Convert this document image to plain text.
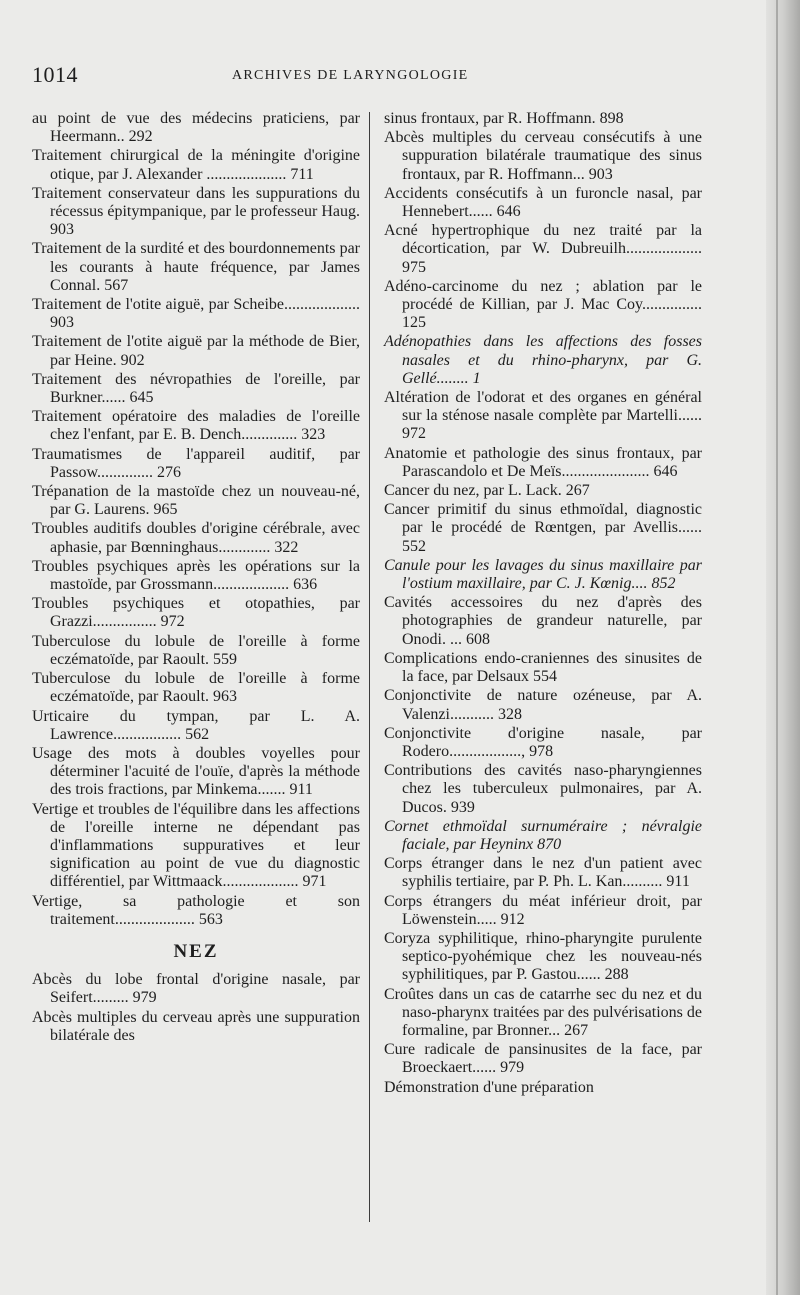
1014	ARCHIVES DE LARYNGOLOGIE

au point de vue des médecins praticiens, par Heermann.. 292

Traitement chirurgical de la méningite d'origine otique, par J. Alexander .................... 711

Traitement conservateur dans les suppurations du récessus épitympanique, par le professeur Haug. 903

Traitement de la surdité et des bourdonnements par les courants à haute fréquence, par James Connal. 567

Traitement de l'otite aiguë, par Scheibe................... 903

Traitement de l'otite aiguë par la méthode de Bier, par Heine. 902

Traitement des névropathies de l'oreille, par Burkner...... 645

Traitement opératoire des maladies de l'oreille chez l'enfant, par E. B. Dench.............. 323

Traumatismes de l'appareil auditif, par Passow.............. 276

Trépanation de la mastoïde chez un nouveau-né, par G. Laurens. 965

Troubles auditifs doubles d'origine cérébrale, avec aphasie, par Bœnninghaus............. 322

Troubles psychiques après les opérations sur la mastoïde, par Grossmann................... 636

Troubles psychiques et otopathies, par Grazzi................ 972

Tuberculose du lobule de l'oreille à forme eczématoïde, par Raoult. 559

Tuberculose du lobule de l'oreille à forme eczématoïde, par Raoult. 963

Urticaire du tympan, par L. A. Lawrence................. 562

Usage des mots à doubles voyelles pour déterminer l'acuité de l'ouïe, d'après la méthode des trois fractions, par Minkema....... 911

Vertige et troubles de l'équilibre dans les affections de l'oreille interne ne dépendant pas d'inflammations suppuratives et leur signification au point de vue du diagnostic différentiel, par Wittmaack................... 971

Vertige, sa pathologie et son traitement.................... 563

NEZ

Abcès du lobe frontal d'origine nasale, par Seifert......... 979

Abcès multiples du cerveau après une suppuration bilatérale des

sinus frontaux, par R. Hoffmann. 898

Abcès multiples du cerveau consécutifs à une suppuration bilatérale traumatique des sinus frontaux, par R. Hoffmann... 903

Accidents consécutifs à un furoncle nasal, par Hennebert...... 646

Acné hypertrophique du nez traité par la décortication, par W. Dubreuilh................... 975

Adéno-carcinome du nez ; ablation par le procédé de Killian, par J. Mac Coy............... 125

Adénopathies dans les affections des fosses nasales et du rhino-pharynx, par G. Gellé........ 1

Altération de l'odorat et des organes en général sur la sténose nasale complète par Martelli...... 972

Anatomie et pathologie des sinus frontaux, par Parascandolo et De Meïs...................... 646

Cancer du nez, par L. Lack. 267

Cancer primitif du sinus ethmoïdal, diagnostic par le procédé de Rœntgen, par Avellis...... 552

Canule pour les lavages du sinus maxillaire par l'ostium maxillaire, par C. J. Kœnig.... 852

Cavités accessoires du nez d'après des photographies de grandeur naturelle, par Onodi. ... 608

Complications endo-craniennes des sinusites de la face, par Delsaux 554

Conjonctivite de nature ozéneuse, par A. Valenzi........... 328

Conjonctivite d'origine nasale, par Rodero.................., 978

Contributions des cavités naso-pharyngiennes chez les tuberculeux pulmonaires, par A. Ducos. 939

Cornet ethmoïdal surnuméraire ; névralgie faciale, par Heyninx 870

Corps étranger dans le nez d'un patient avec syphilis tertiaire, par P. Ph. L. Kan.......... 911

Corps étrangers du méat inférieur droit, par Löwenstein..... 912

Coryza syphilitique, rhino-pharyngite purulente septico-pyohémique chez les nouveau-nés syphilitiques, par P. Gastou...... 288

Croûtes dans un cas de catarrhe sec du nez et du naso-pharynx traitées par des pulvérisations de formaline, par Bronner... 267

Cure radicale de pansinusites de la face, par Broeckaert...... 979

Démonstration d'une préparation
